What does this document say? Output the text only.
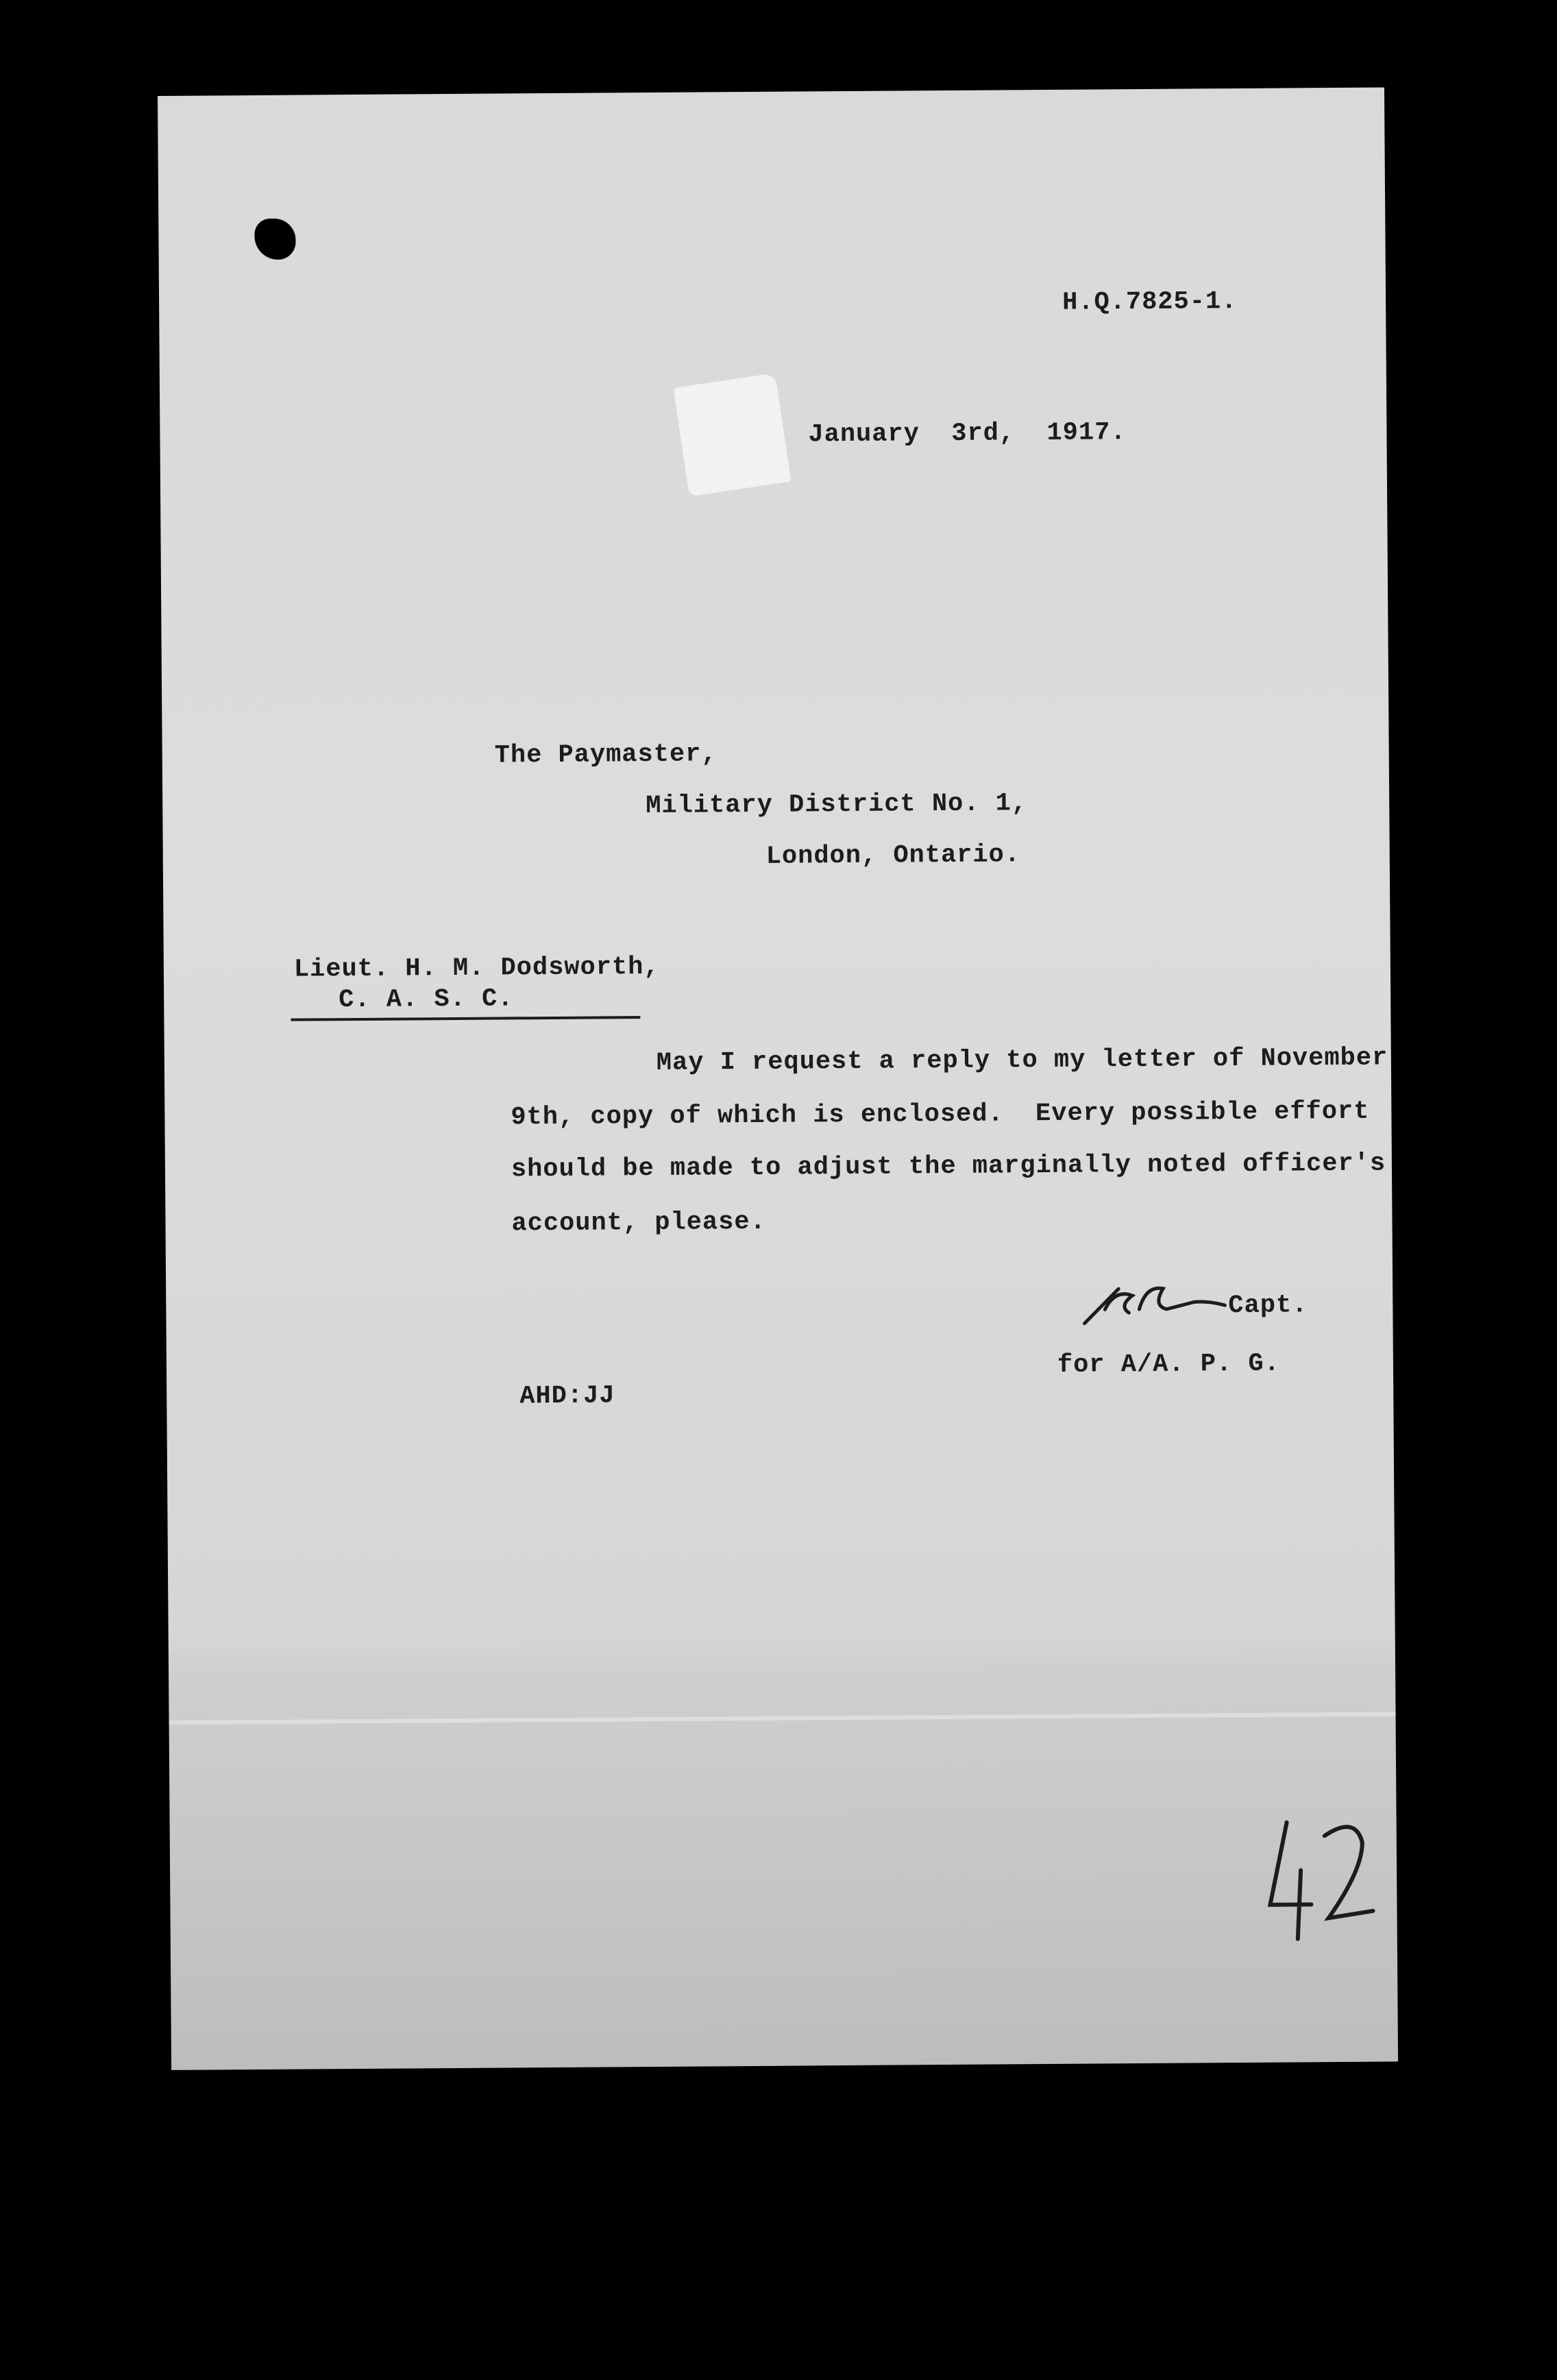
H.Q.7825-1.
January  3rd,  1917.
The Paymaster,
Military District No. 1,
London, Ontario.
Lieut. H. M. Dodsworth,
C. A. S. C.
May I request a reply to my letter of November
9th, copy of which is enclosed.  Every possible effort
should be made to adjust the marginally noted officer's
account, please.
Capt.
for A/A. P. G.
AHD:JJ
